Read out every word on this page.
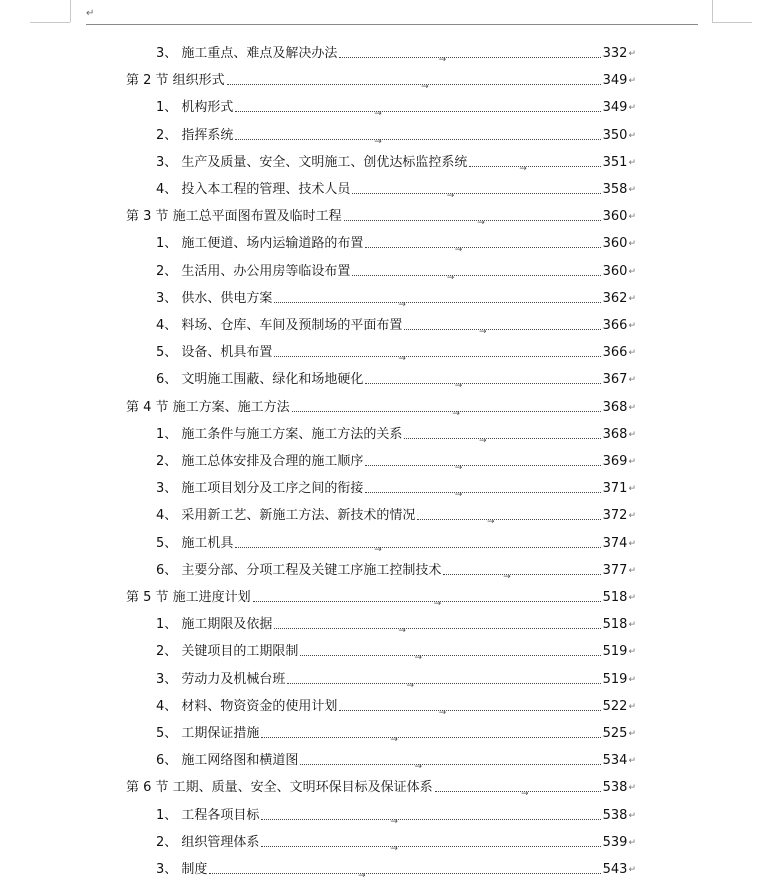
↵
3、 施工重点、难点及解决办法	→	332 ↵
第 2 节 组织形式	→	349 ↵
1、 机构形式	→	349 ↵
2、 指挥系统	→	350 ↵
3、 生产及质量、安全、文明施工、创优达标监控系统	→	351 ↵
4、 投入本工程的管理、技术人员	→	358 ↵
第 3 节 施工总平面图布置及临时工程	→	360 ↵
1、 施工便道、场内运输道路的布置	→	360 ↵
2、 生活用、办公用房等临设布置	→	360 ↵
3、 供水、供电方案	→	362 ↵
4、 料场、仓库、车间及预制场的平面布置	→	366 ↵
5、 设备、机具布置	→	366 ↵
6、 文明施工围蔽、绿化和场地硬化	→	367 ↵
第 4 节 施工方案、施工方法	→	368 ↵
1、 施工条件与施工方案、施工方法的关系	→	368 ↵
2、 施工总体安排及合理的施工顺序	→	369 ↵
3、 施工项目划分及工序之间的衔接	→	371 ↵
4、 采用新工艺、新施工方法、新技术的情况	→	372 ↵
5、 施工机具	→	374 ↵
6、 主要分部、分项工程及关键工序施工控制技术	→	377 ↵
第 5 节 施工进度计划	→	518 ↵
1、 施工期限及依据	→	518 ↵
2、 关键项目的工期限制	→	519 ↵
3、 劳动力及机械台班	→	519 ↵
4、 材料、物资资金的使用计划	→	522 ↵
5、 工期保证措施	→	525 ↵
6、 施工网络图和横道图	→	534 ↵
第 6 节 工期、质量、安全、文明环保目标及保证体系	→	538 ↵
1、 工程各项目标	→	538 ↵
2、 组织管理体系	→	539 ↵
3、 制度	→	543 ↵
